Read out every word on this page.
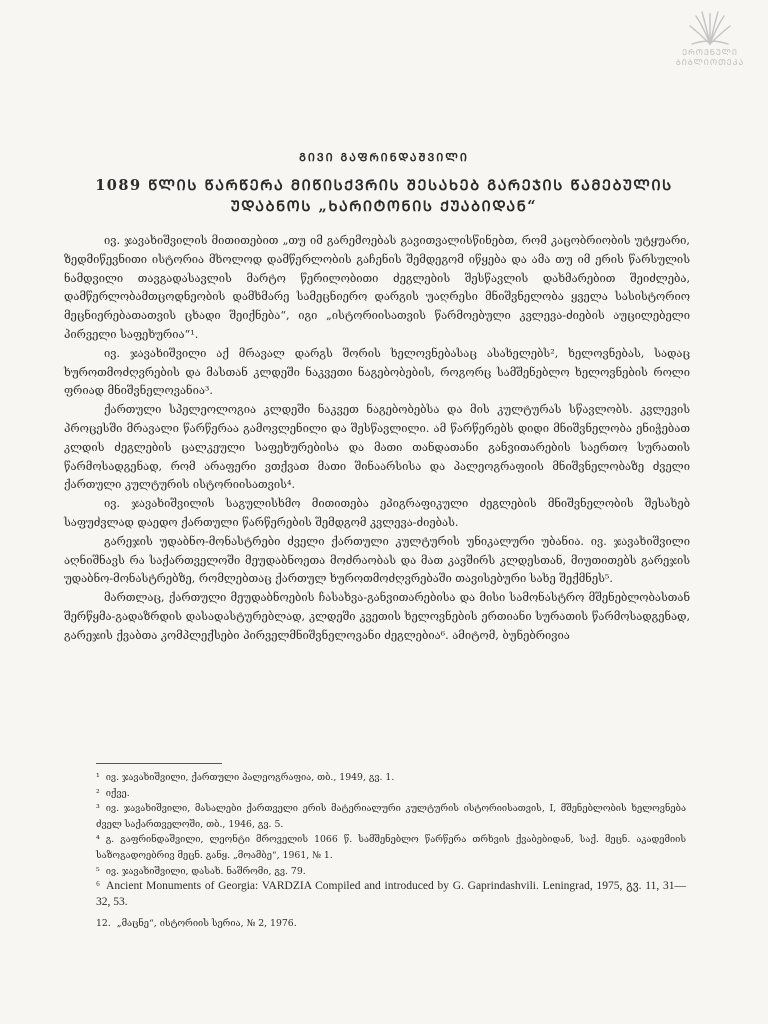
ᲔᲠᲝᲕᲜᲣᲚᲘ
ᲑᲘᲑᲚᲘᲝᲗᲔᲙᲐ
ᲒᲘᲕᲘ ᲒᲐᲤᲠᲘᲜᲓᲐᲨᲕᲘᲚᲘ
1089 ᲬᲚᲘᲡ ᲬᲐᲠᲬᲔᲠᲐ ᲛᲘᲬᲘᲡᲥᲕᲠᲘᲡ ᲨᲔᲡᲐᲮᲔᲑ ᲒᲐᲠᲔᲯᲘᲡ ᲬᲐᲛᲔᲑᲣᲚᲘᲡ
ᲣᲓᲐᲑᲜᲝᲡ „ᲮᲐᲠᲘᲢᲝᲜᲘᲡ ᲥᲣᲐᲑᲘᲓᲐᲜ“

ივ. ჯავახიშვილის მითითებით „თუ იმ გარემოებას გავითვალისწინებთ, რომ კაცობრიობის უტყუარი, ზედმიწევნითი ისტორია მხოლოდ დამწერლობის გაჩენის შემდეგომ იწყება და ამა თუ იმ ერის წარსულის ნამდვილი თავგადასავლის მარტო წერილობითი ძეგლების შესწავლის დახმარებით შეიძლება, დამწერლობამთცოდნეობის დამხმარე სამეცნიერო დარგის უაღრესი მნიშვნელობა ყველა სასისტორიო მეცნიერებათათვის ცხადი შეიქნება“, იგი „ისტორიისათვის წარმოებული კვლევა-ძიების აუცილებელი პირველი საფეხურია“¹.

ივ. ჯავახიშვილი აქ მრავალ დარგს შორის ხელოვნებასაც ასახელებს², ხელოვნებას, სადაც ხუროთმოძღვრების და მასთან კლდეში ნაკვეთი ნაგებობების, როგორც სამშენებლო ხელოვნების როლი ფრიად მნიშვნელოვანია³.

ქართული სპელეოლოგია კლდეში ნაკვეთ ნაგებობებსა და მის კულტურას სწავლობს. კვლევის პროცესში მრავალი წარწერაა გამოვლენილი და შესწავლილი. ამ წარწერებს დიდი მნიშვნელობა ენიჭებათ კლდის ძეგლების ცალკეული საფეხურებისა და მათი თანდათანი განვითარების საერთო სურათის წარმოსადგენად, რომ არაფერი ვთქვათ მათი შინაარსისა და პალეოგრაფიის მნიშვნელობაზე ძველი ქართული კულტურის ისტორიისათვის⁴.

ივ. ჯავახიშვილის საგულისხმო მითითება ეპიგრაფიკული ძეგლების მნიშვნელობის შესახებ საფუძვლად დაედო ქართული წარწერების შემდგომ კვლევა-ძიებას.

გარეჯის უდაბნო-მონასტრები ძველი ქართული კულტურის უნიკალური უბანია. ივ. ჯავახიშვილი აღნიშნავს რა საქართველოში მეუდაბნოეთა მოძრაობას და მათ კავშირს კლდესთან, მიუთითებს გარეჯის უდაბნო-მონასტრებზე, რომლებთაც ქართულ ხუროთმოძღვრებაში თავისებური სახე შექმნეს⁵.

მართლაც, ქართული მეუდაბნოების ჩასახვა-განვითარებისა და მისი სამონასტრო მშენებლობასთან შერწყმა-გადაზრდის დასადასტურებლად, კლდეში კვეთის ხელოვნების ერთიანი სურათის წარმოსადგენად, გარეჯის ქვაბთა კომპლექსები პირველმნიშვნელოვანი ძეგლებია⁶. ამიტომ, ბუნებრივია

¹ ივ. ჯავახიშვილი, ქართული პალეოგრაფია, თბ., 1949, გვ. 1.
² იქვე.
³ ივ. ჯავახიშვილი, მასალები ქართველი ერის მატერიალური კულტურის ისტორიისათვის, I, მშენებლობის ხელოვნება ძველ საქართველოში, თბ., 1946, გვ. 5.
⁴ გ. გაფრინდაშვილი, ლეონტი მროველის 1066 წ. სამშენებლო წარწერა თრხვის ქვაბებიდან, საქ. მეცნ. აკადემიის საზოგადოებრივ მეცნ. განყ. „მოამბე“, 1961, № 1.
⁵ ივ. ჯავახიშვილი, დასახ. ნაშრომი, გვ. 79.
⁶ Ancient Monuments of Georgia: VARDZIA Compiled and introduced by G. Gaprindashvili. Leningrad, 1975, გვ. 11, 31—32, 53.
12. „მაცნე“, ისტორიის სერია, № 2, 1976.
